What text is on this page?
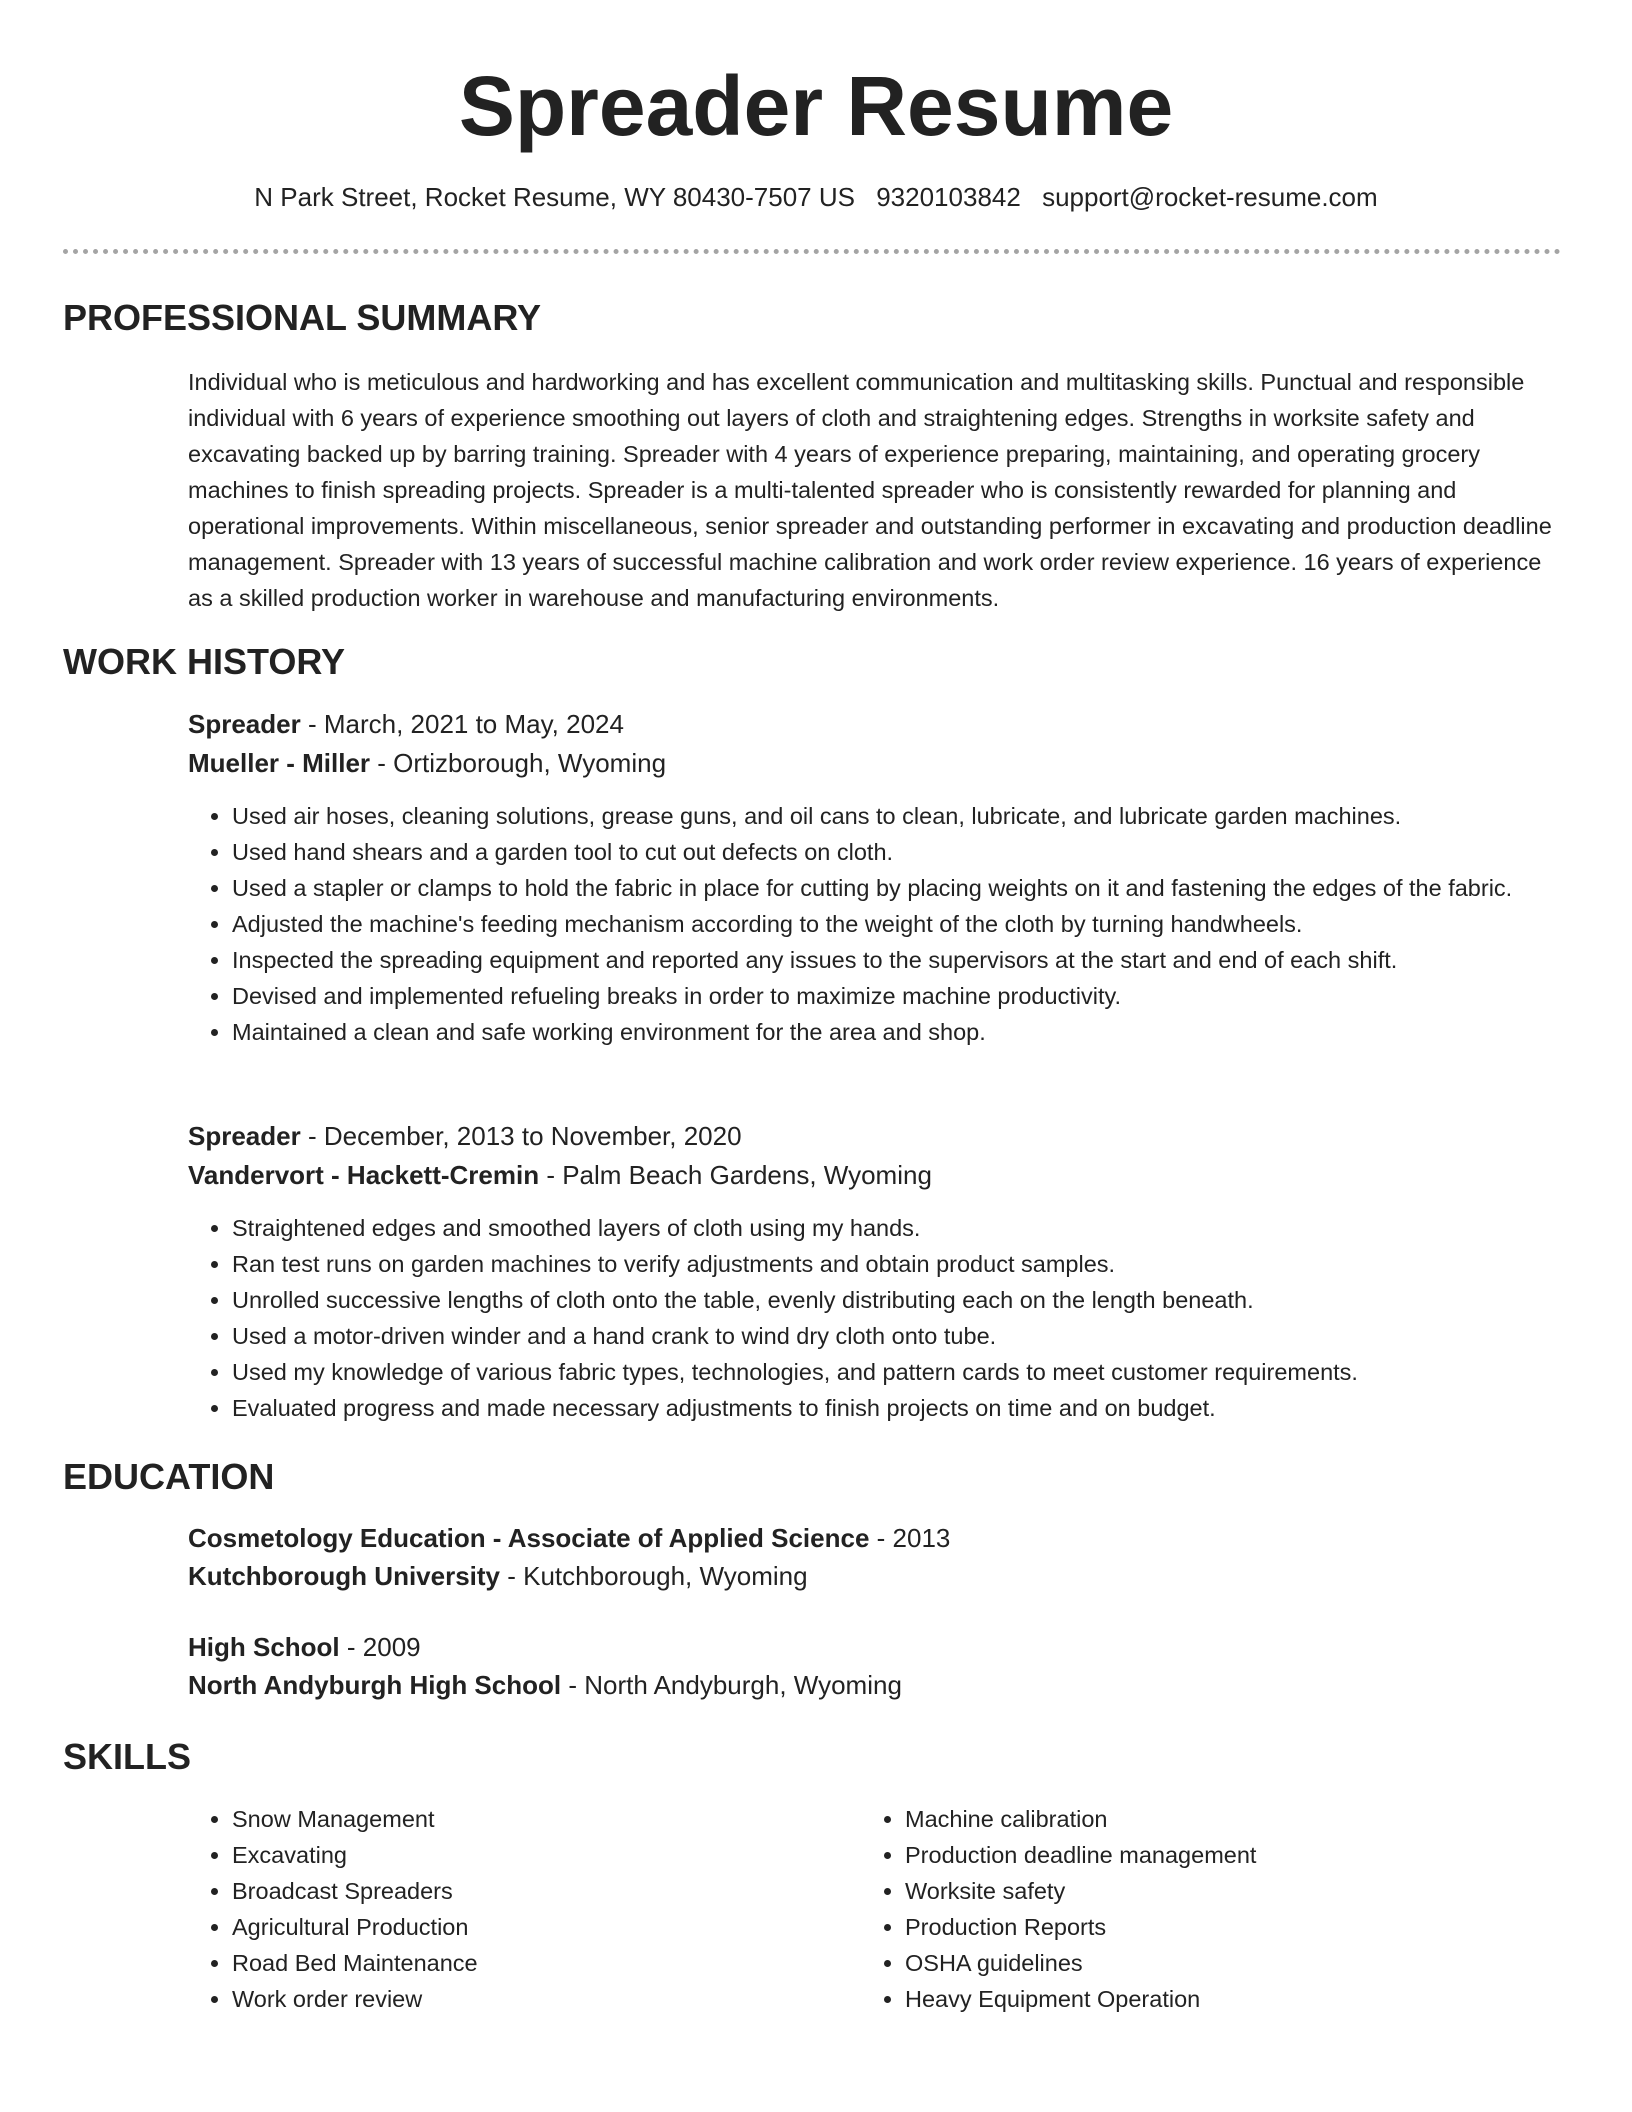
Spreader Resume
N Park Street, Rocket Resume, WY 80430-7507 US 9320103842 support@rocket-resume.com
PROFESSIONAL SUMMARY

Individual who is meticulous and hardworking and has excellent communication and multitasking skills. Punctual and responsible individual with 6 years of experience smoothing out layers of cloth and straightening edges. Strengths in worksite safety and excavating backed up by barring training. Spreader with 4 years of experience preparing, maintaining, and operating grocery machines to finish spreading projects. Spreader is a multi-talented spreader who is consistently rewarded for planning and operational improvements. Within miscellaneous, senior spreader and outstanding performer in excavating and production deadline management. Spreader with 13 years of successful machine calibration and work order review experience. 16 years of experience as a skilled production worker in warehouse and manufacturing environments.

WORK HISTORY
Spreader - March, 2021 to May, 2024
Mueller - Miller - Ortizborough, Wyoming
• Used air hoses, cleaning solutions, grease guns, and oil cans to clean, lubricate, and lubricate garden machines.
• Used hand shears and a garden tool to cut out defects on cloth.
• Used a stapler or clamps to hold the fabric in place for cutting by placing weights on it and fastening the edges of the fabric.
• Adjusted the machine's feeding mechanism according to the weight of the cloth by turning handwheels.
• Inspected the spreading equipment and reported any issues to the supervisors at the start and end of each shift.
• Devised and implemented refueling breaks in order to maximize machine productivity.
• Maintained a clean and safe working environment for the area and shop.
Spreader - December, 2013 to November, 2020
Vandervort - Hackett-Cremin - Palm Beach Gardens, Wyoming
• Straightened edges and smoothed layers of cloth using my hands.
• Ran test runs on garden machines to verify adjustments and obtain product samples.
• Unrolled successive lengths of cloth onto the table, evenly distributing each on the length beneath.
• Used a motor-driven winder and a hand crank to wind dry cloth onto tube.
• Used my knowledge of various fabric types, technologies, and pattern cards to meet customer requirements.
• Evaluated progress and made necessary adjustments to finish projects on time and on budget.
EDUCATION
Cosmetology Education - Associate of Applied Science - 2013
Kutchborough University - Kutchborough, Wyoming
High School - 2009
North Andyburgh High School - North Andyburgh, Wyoming
SKILLS
• Snow Management
• Excavating
• Broadcast Spreaders
• Agricultural Production
• Road Bed Maintenance
• Work order review
• Machine calibration
• Production deadline management
• Worksite safety
• Production Reports
• OSHA guidelines
• Heavy Equipment Operation
